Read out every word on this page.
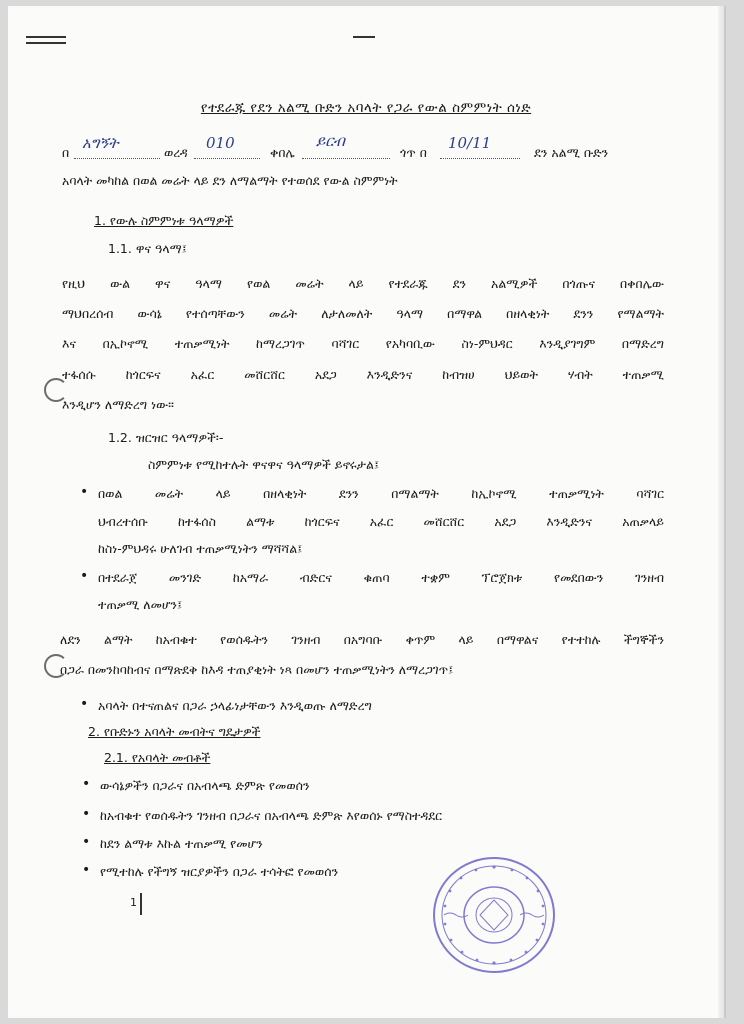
የተደራጁ የደን አልሚ ቡድን አባላት የጋራ የውል ስምምነት ሰነድ
በ
አግኝት
ወረዳ
010
ቀበሌ
ይርብ
ጎጥ በ
10/11
ደን አልሚ ቡድን
አባላት መካከል በወል መሬት ላይ ደን ለማልማት የተወሰደ የውል ስምምነት
1. የውሉ ስምምነቱ ዓላማዎች
1.1. ዋና ዓላማ፤
የዚህ ውል ዋና ዓላማ የወል መሬት ላይ የተደራጁ ደን አልሚዎች በጎጡና በቀበሌው
ማህበረሰብ ውሳኔ የተሰጣቸውን መሬት ለታለመለት ዓላማ በማዋል በዘላቂነት ደንን የማልማት
እና በኢኮኖሚ ተጠቃሚነት ከማረጋገጥ ባሻገር የአካባቢው ስነ-ምህዳር እንዲያገግም በማድረግ
ተፋሰሱ ከጎርፍና አፈር መሸርሸር አደጋ እንዲድንና ከብዝሀ ህይወት ሃብት ተጠቃሚ
እንዲሆን ለማድረግ ነው፡፡
1.2. ዝርዝር ዓላማዎች፡-
ስምምነቱ የሚከተሉት ዋናዋና ዓላማዎች ይኖሩታል፤
• በወል መሬት ላይ በዘላቂነት ደንን በማልማት ከኢኮኖሚ ተጠቃሚነት ባሻገር
ህብረተሰቡ ከተፋሰስ ልማቱ ከጎርፍና አፈር መሸርሸር አደጋ እንዲድንና አጠቃላይ
ከስነ-ምህዳሩ ሁለገብ ተጠቃሚነትን ማሻሻል፤
• በተደራጀ መንገድ ከአማራ ብድርና ቁጠባ ተቋም ፕሮጀክቱ የመደበውን ገንዘብ
ተጠቃሚ ለመሆን፤
ለደን ልማት ከአብቁተ የወሰዱትን ገንዘብ በአግባቡ ቀጥም ላይ በማዋልና የተተከሉ ችግኞችን
በጋራ በመንከባከብና በማጽደቅ ከእዳ ተጠያቂነት ነጻ በመሆን ተጠቃሚነትን ለማረጋገጥ፤
• አባላት በተናጠልና በጋራ ኃላፊነታቸውን እንዲወጡ ለማድረግ
2. የቡድኑን አባላት መብትና ግዴታዎች
2.1. የአባላት መብቶች
• ውሳኔዎችን በጋራና በአብላጫ ድምጽ የመወሰን
• ከአብቁተ የወሰዱትን ገንዘብ በጋራና በአብላጫ ድምጽ እየወሰኑ የማስተዳደር
• ከደን ልማቱ እኩል ተጠቃሚ የመሆን
• የሚተከሉ የችግኝ ዝርያዎችን በጋራ ተሳትፎ የመወሰን
1
